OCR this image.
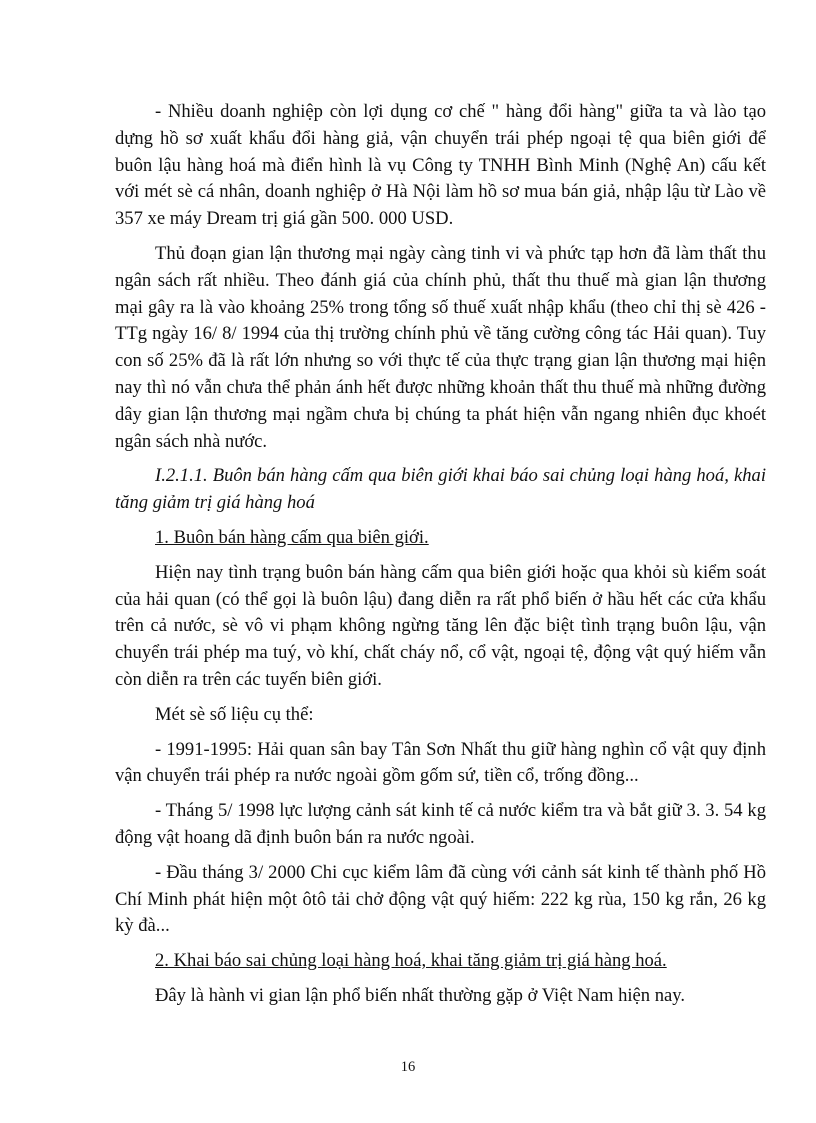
- Nhiều doanh nghiệp còn lợi dụng cơ chế " hàng đổi hàng" giữa ta và lào tạo dựng hồ sơ xuất khẩu đổi hàng giả, vận chuyển trái phép ngoại tệ qua biên giới để buôn lậu hàng hoá mà điển hình là vụ Công ty TNHH Bình Minh (Nghệ An) cấu kết với mét sè cá nhân, doanh nghiệp ở Hà Nội làm hồ sơ mua bán giả, nhập lậu từ Lào về 357 xe máy Dream trị giá gần 500. 000 USD.

Thủ đoạn gian lận thương mại ngày càng tinh vi và phức tạp hơn đã làm thất thu ngân sách rất nhiều. Theo đánh giá của chính phủ, thất thu thuế mà gian lận thương mại gây ra là vào khoảng 25% trong tổng số thuế xuất nhập khẩu (theo chỉ thị sè 426 - TTg ngày 16/ 8/ 1994 của thị trường chính phủ về tăng cường công tác Hải quan). Tuy con số 25% đã là rất lớn nhưng so với thực tế của thực trạng gian lận thương mại hiện nay thì nó vẫn chưa thể phản ánh hết được những khoản thất thu thuế mà những đường dây gian lận thương mại ngầm chưa bị chúng ta phát hiện vẫn ngang nhiên đục khoét ngân sách nhà nước.

I.2.1.1. Buôn bán hàng cấm qua biên giới khai báo sai chủng loại hàng hoá, khai tăng giảm trị giá hàng hoá

1. Buôn bán hàng cấm qua biên giới.

Hiện nay tình trạng buôn bán hàng cấm qua biên giới hoặc qua khỏi sù kiểm soát của hải quan (có thể gọi là buôn lậu) đang diễn ra rất phổ biến ở hầu hết các cửa khẩu trên cả nước, sè vô vi phạm không ngừng tăng lên đặc biệt tình trạng buôn lậu, vận chuyển trái phép ma tuý, vò khí, chất cháy nổ, cổ vật, ngoại tệ, động vật quý hiếm vẫn còn diễn ra trên các tuyến biên giới.

Mét sè số liệu cụ thể:

- 1991-1995: Hải quan sân bay Tân Sơn Nhất thu giữ hàng nghìn cổ vật quy định vận chuyển trái phép ra nước ngoài gồm gốm sứ, tiền cổ, trống đồng...

- Tháng 5/ 1998 lực lượng cảnh sát kinh tế cả nước kiểm tra và bắt giữ 3. 3. 54 kg động vật hoang dã định buôn bán ra nước ngoài.

- Đầu tháng 3/ 2000 Chi cục kiểm lâm đã cùng với cảnh sát kinh tế thành phố Hồ Chí Minh phát hiện một ôtô tải chở động vật quý hiếm: 222 kg rùa, 150 kg rắn, 26 kg kỳ đà...

2. Khai báo sai chủng loại hàng hoá, khai tăng giảm trị giá hàng hoá.

Đây là hành vi gian lận phổ biến nhất thường gặp ở Việt Nam hiện nay.

16
